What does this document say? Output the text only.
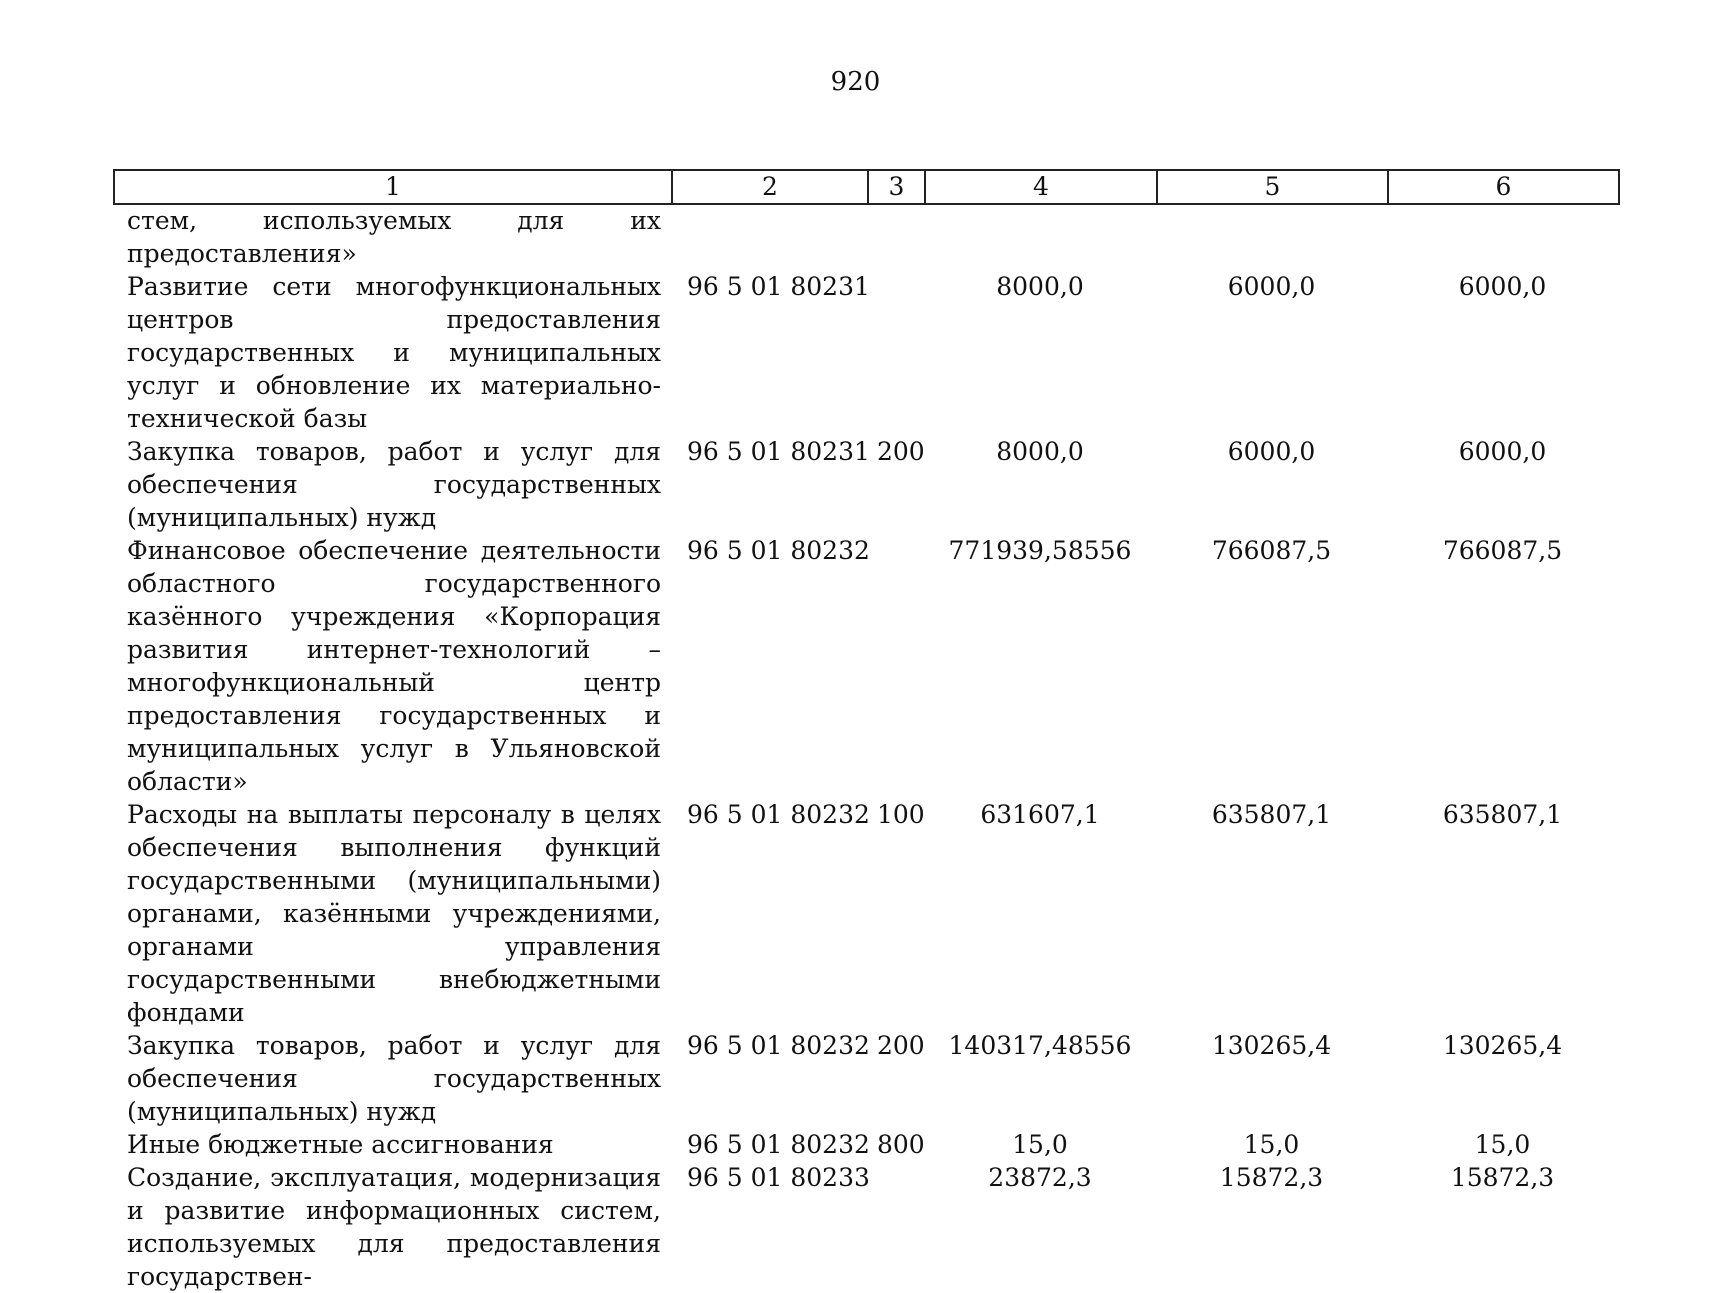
920
1	2	3	4	5	6
стем, используемых для их предоставления»					
Развитие сети многофункциональных центров предоставления государственных и муниципальных услуг и обновление их материально-технической базы	96 5 01 80231		8000,0	6000,0	6000,0
Закупка товаров, работ и услуг для обеспечения государственных (муниципальных) нужд	96 5 01 80231	200	8000,0	6000,0	6000,0
Финансовое обеспечение деятельности областного государственного казённого учреждения «Корпорация развития интернет-технологий – многофункциональный центр предоставления государственных и муниципальных услуг в Ульяновской области»	96 5 01 80232		771939,58556	766087,5	766087,5
Расходы на выплаты персоналу в целях обеспечения выполнения функций государственными (муниципальными) органами, казёнными учреждениями, органами управления государственными внебюджетными фондами	96 5 01 80232	100	631607,1	635807,1	635807,1
Закупка товаров, работ и услуг для обеспечения государственных (муниципальных) нужд	96 5 01 80232	200	140317,48556	130265,4	130265,4
Иные бюджетные ассигнования	96 5 01 80232	800	15,0	15,0	15,0
Создание, эксплуатация, модернизация и развитие информационных систем, используемых для предоставления государствен-	96 5 01 80233		23872,3	15872,3	15872,3
